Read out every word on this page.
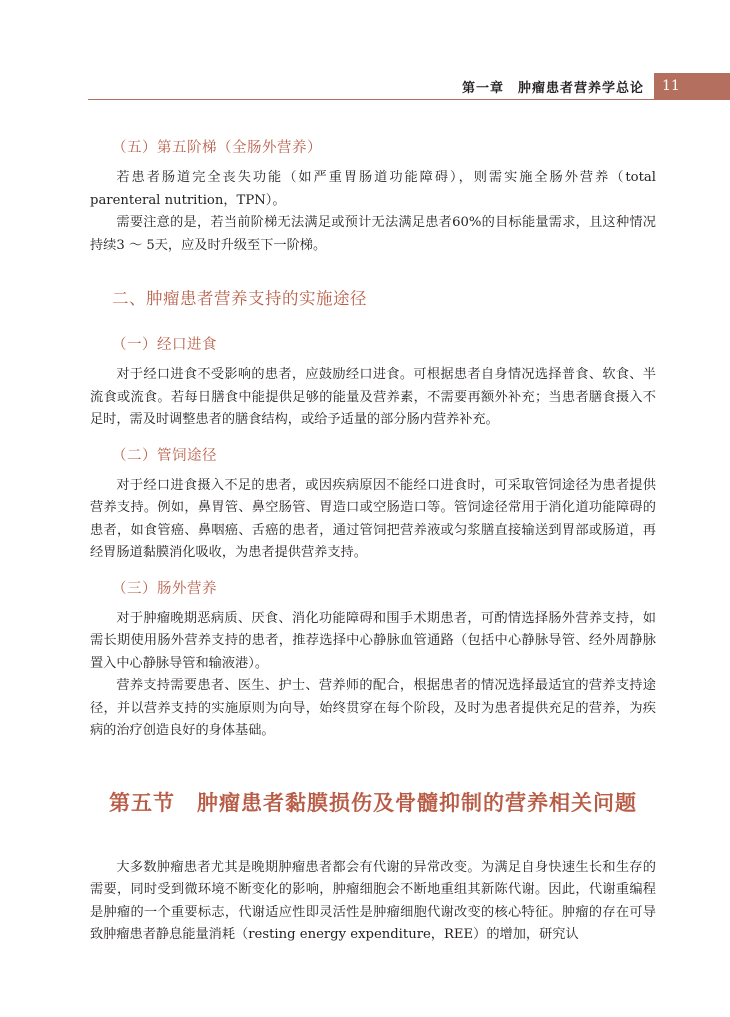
第一章　肿瘤患者营养学总论	11
（五）第五阶梯（全肠外营养）

若患者肠道完全丧失功能（如严重胃肠道功能障碍），则需实施全肠外营养（total parenteral nutrition，TPN）。

需要注意的是，若当前阶梯无法满足或预计无法满足患者60%的目标能量需求，且这种情况持续3 ～ 5天，应及时升级至下一阶梯。

二、肿瘤患者营养支持的实施途径
（一）经口进食

对于经口进食不受影响的患者，应鼓励经口进食。可根据患者自身情况选择普食、软食、半流食或流食。若每日膳食中能提供足够的能量及营养素，不需要再额外补充；当患者膳食摄入不足时，需及时调整患者的膳食结构，或给予适量的部分肠内营养补充。

（二）管饲途径

对于经口进食摄入不足的患者，或因疾病原因不能经口进食时，可采取管饲途径为患者提供营养支持。例如，鼻胃管、鼻空肠管、胃造口或空肠造口等。管饲途径常用于消化道功能障碍的患者，如食管癌、鼻咽癌、舌癌的患者，通过管饲把营养液或匀浆膳直接输送到胃部或肠道，再经胃肠道黏膜消化吸收，为患者提供营养支持。

（三）肠外营养

对于肿瘤晚期恶病质、厌食、消化功能障碍和围手术期患者，可酌情选择肠外营养支持，如需长期使用肠外营养支持的患者，推荐选择中心静脉血管通路（包括中心静脉导管、经外周静脉置入中心静脉导管和输液港）。

营养支持需要患者、医生、护士、营养师的配合，根据患者的情况选择最适宜的营养支持途径，并以营养支持的实施原则为向导，始终贯穿在每个阶段，及时为患者提供充足的营养，为疾病的治疗创造良好的身体基础。

第五节　肿瘤患者黏膜损伤及骨髓抑制的营养相关问题

大多数肿瘤患者尤其是晚期肿瘤患者都会有代谢的异常改变。为满足自身快速生长和生存的需要，同时受到微环境不断变化的影响，肿瘤细胞会不断地重组其新陈代谢。因此，代谢重编程是肿瘤的一个重要标志，代谢适应性即灵活性是肿瘤细胞代谢改变的核心特征。肿瘤的存在可导致肿瘤患者静息能量消耗（resting energy expenditure，REE）的增加，研究认
